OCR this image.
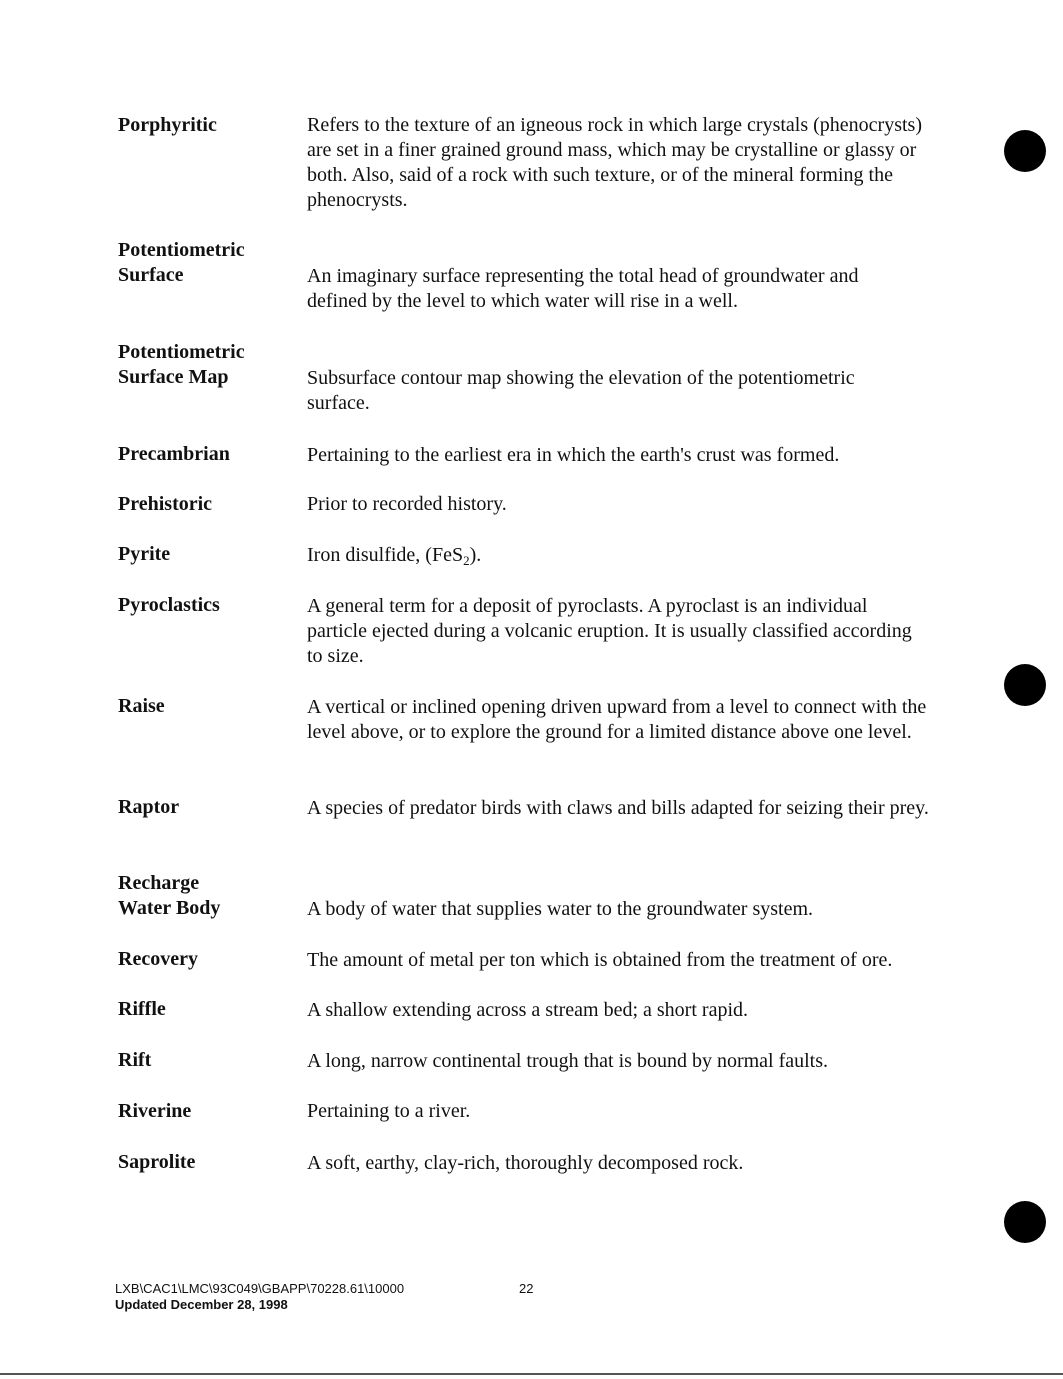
Porphyritic	Refers to the texture of an igneous rock in which large crystals (phenocrysts) are set in a finer grained ground mass, which may be crystalline or glassy or both. Also, said of a rock with such texture, or of the mineral forming the phenocrysts.
Potentiometric
Surface	An imaginary surface representing the total head of groundwater and defined by the level to which water will rise in a well.
Potentiometric
Surface Map	Subsurface contour map showing the elevation of the potentiometric surface.
Precambrian	Pertaining to the earliest era in which the earth's crust was formed.
Prehistoric	Prior to recorded history.
Pyrite	Iron disulfide, (FeS$_2$).
Pyroclastics	A general term for a deposit of pyroclasts. A pyroclast is an individual particle ejected during a volcanic eruption. It is usually classified according to size.
Raise	A vertical or inclined opening driven upward from a level to connect with the level above, or to explore the ground for a limited distance above one level.
Raptor	A species of predator birds with claws and bills adapted for seizing their prey.
Recharge
Water Body	A body of water that supplies water to the groundwater system.
Recovery	The amount of metal per ton which is obtained from the treatment of ore.
Riffle	A shallow extending across a stream bed; a short rapid.
Rift	A long, narrow continental trough that is bound by normal faults.
Riverine	Pertaining to a river.
Saprolite	A soft, earthy, clay-rich, thoroughly decomposed rock.
LXB\CAC1\LMC\93C049\GBAPP\70228.61\10000
Updated December 28, 1998
22
